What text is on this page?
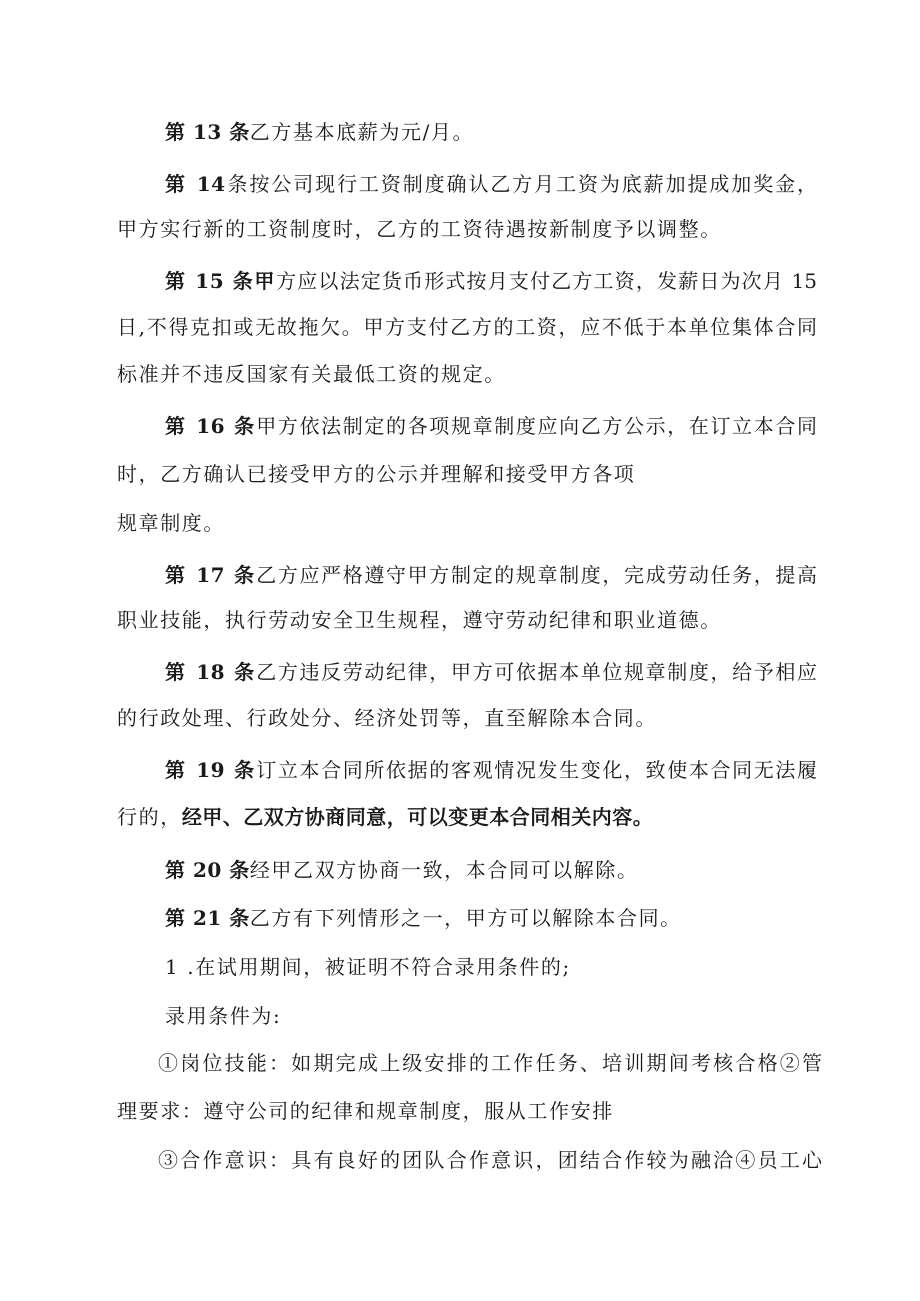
第 13 条乙方基本底薪为元/月。
第 14条按公司现行工资制度确认乙方月工资为底薪加提成加奖金，
甲方实行新的工资制度时，乙方的工资待遇按新制度予以调整。
第 15 条甲方应以法定货币形式按月支付乙方工资，发薪日为次月 15
日,不得克扣或无故拖欠。甲方支付乙方的工资，应不低于本单位集体合同
标准并不违反国家有关最低工资的规定。
第 16 条甲方依法制定的各项规章制度应向乙方公示，在订立本合同
时，乙方确认已接受甲方的公示并理解和接受甲方各项
规章制度。
第 17 条乙方应严格遵守甲方制定的规章制度，完成劳动任务，提高
职业技能，执行劳动安全卫生规程，遵守劳动纪律和职业道德。
第 18 条乙方违反劳动纪律，甲方可依据本单位规章制度，给予相应
的行政处理、行政处分、经济处罚等，直至解除本合同。
第 19 条订立本合同所依据的客观情况发生变化，致使本合同无法履
行的，经甲、乙双方协商同意，可以变更本合同相关内容。
第 20 条经甲乙双方协商一致，本合同可以解除。
第 21 条乙方有下列情形之一，甲方可以解除本合同。
1 .在试用期间，被证明不符合录用条件的;
录用条件为:
①岗位技能：如期完成上级安排的工作任务、培训期间考核合格②管
理要求：遵守公司的纪律和规章制度，服从工作安排
③合作意识：具有良好的团队合作意识，团结合作较为融洽④员工心
